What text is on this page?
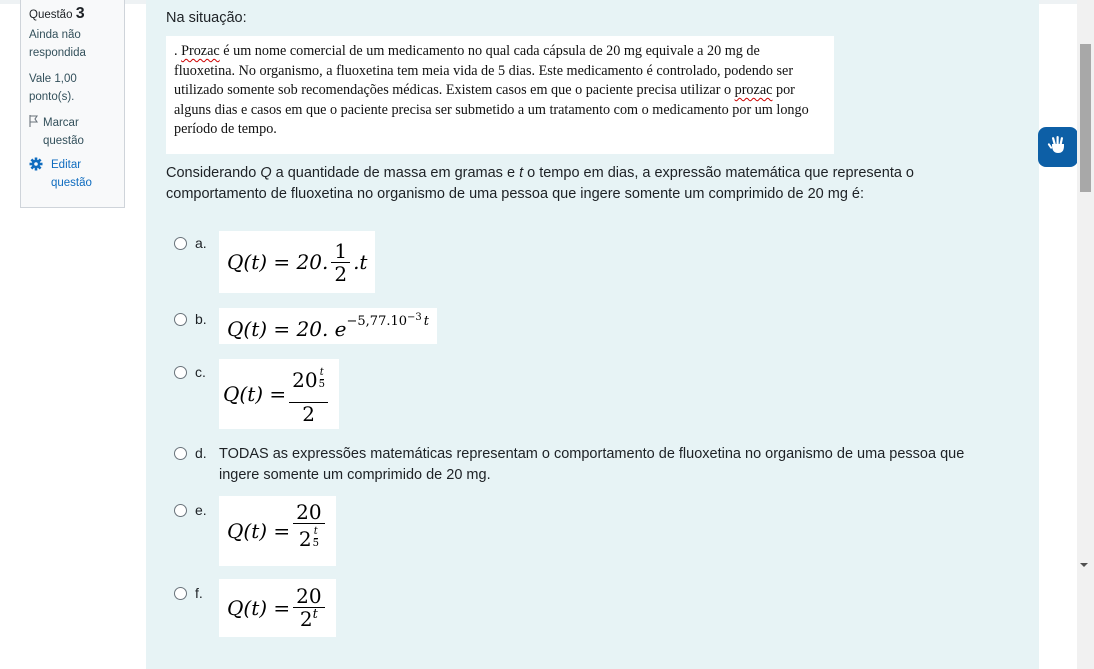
Questão 3
Ainda não respondida
Vale 1,00 ponto(s).
Marcar questão
Editar questão
Na situação:
. Prozac é um nome comercial de um medicamento no qual cada cápsula de 20 mg equivale a 20 mg de fluoxetina. No organismo, a fluoxetina tem meia vida de 5 dias. Este medicamento é controlado, podendo ser utilizado somente sob recomendações médicas. Existem casos em que o paciente precisa utilizar o prozac por alguns dias e casos em que o paciente precisa ser submetido a um tratamento com o medicamento por um longo período de tempo.
Considerando Q a quantidade de massa em gramas e t o tempo em dias, a expressão matemática que representa o comportamento de fluoxetina no organismo de uma pessoa que ingere somente um comprimido de 20 mg é:
a.
Q(t) = 20. $\frac{1}{2} .t$
b.	Q(t) = 20. $e -5,77.10^{-3}$ t
c.
$Q(t) = \frac{20 \frac{t}{5}}{2}$
d. TODAS as expressões matemáticas representam o comportamento de fluoxetina no organismo de uma pessoa que ingere somente um comprimido de 20 mg.
e.
$Q(t) = \frac{20}{2 \frac{t}{5}}$
f.
$Q(t) = \frac{20}{2^t}$
